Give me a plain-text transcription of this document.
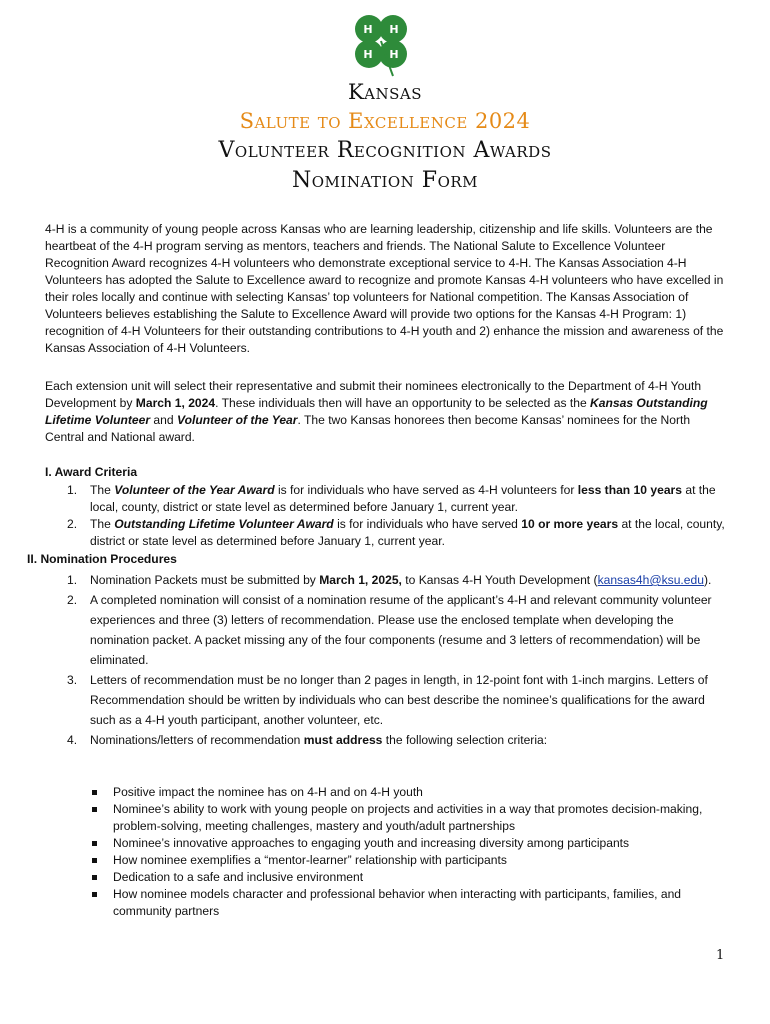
H H
H H
Kansas
Salute to Excellence 2024
Volunteer Recognition Awards
Nomination Form
4-H is a community of young people across Kansas who are learning leadership, citizenship and life skills. Volunteers are the heartbeat of the 4-H program serving as mentors, teachers and friends. The National Salute to Excellence Volunteer Recognition Award recognizes 4-H volunteers who demonstrate exceptional service to 4-H. The Kansas Association 4-H Volunteers has adopted the Salute to Excellence award to recognize and promote Kansas 4-H volunteers who have excelled in their roles locally and continue with selecting Kansas’ top volunteers for National competition. The Kansas Association of Volunteers believes establishing the Salute to Excellence Award will provide two options for the Kansas 4-H Program: 1) recognition of 4-H Volunteers for their outstanding contributions to 4-H youth and 2) enhance the mission and awareness of the Kansas Association of 4-H Volunteers.
Each extension unit will select their representative and submit their nominees electronically to the Department of 4-H Youth Development by March 1, 2024. These individuals then will have an opportunity to be selected as the Kansas Outstanding Lifetime Volunteer and Volunteer of the Year. The two Kansas honorees then become Kansas’ nominees for the North Central and National award.
I. Award Criteria
1. The Volunteer of the Year Award is for individuals who have served as 4-H volunteers for less than 10 years at the local, county, district or state level as determined before January 1, current year.
2. The Outstanding Lifetime Volunteer Award is for individuals who have served 10 or more years at the local, county, district or state level as determined before January 1, current year.
II. Nomination Procedures
1. Nomination Packets must be submitted by March 1, 2025, to Kansas 4-H Youth Development (kansas4h@ksu.edu).
2. A completed nomination will consist of a nomination resume of the applicant’s 4-H and relevant community volunteer experiences and three (3) letters of recommendation. Please use the enclosed template when developing the nomination packet. A packet missing any of the four components (resume and 3 letters of recommendation) will be eliminated.
3. Letters of recommendation must be no longer than 2 pages in length, in 12-point font with 1-inch margins. Letters of Recommendation should be written by individuals who can best describe the nominee’s qualifications for the award such as a 4-H youth participant, another volunteer, etc.
4. Nominations/letters of recommendation must address the following selection criteria:
Positive impact the nominee has on 4-H and on 4-H youth
Nominee’s ability to work with young people on projects and activities in a way that promotes decision-making, problem-solving, meeting challenges, mastery and youth/adult partnerships
Nominee’s innovative approaches to engaging youth and increasing diversity among participants
How nominee exemplifies a “mentor-learner” relationship with participants
Dedication to a safe and inclusive environment
How nominee models character and professional behavior when interacting with participants, families, and community partners
1
